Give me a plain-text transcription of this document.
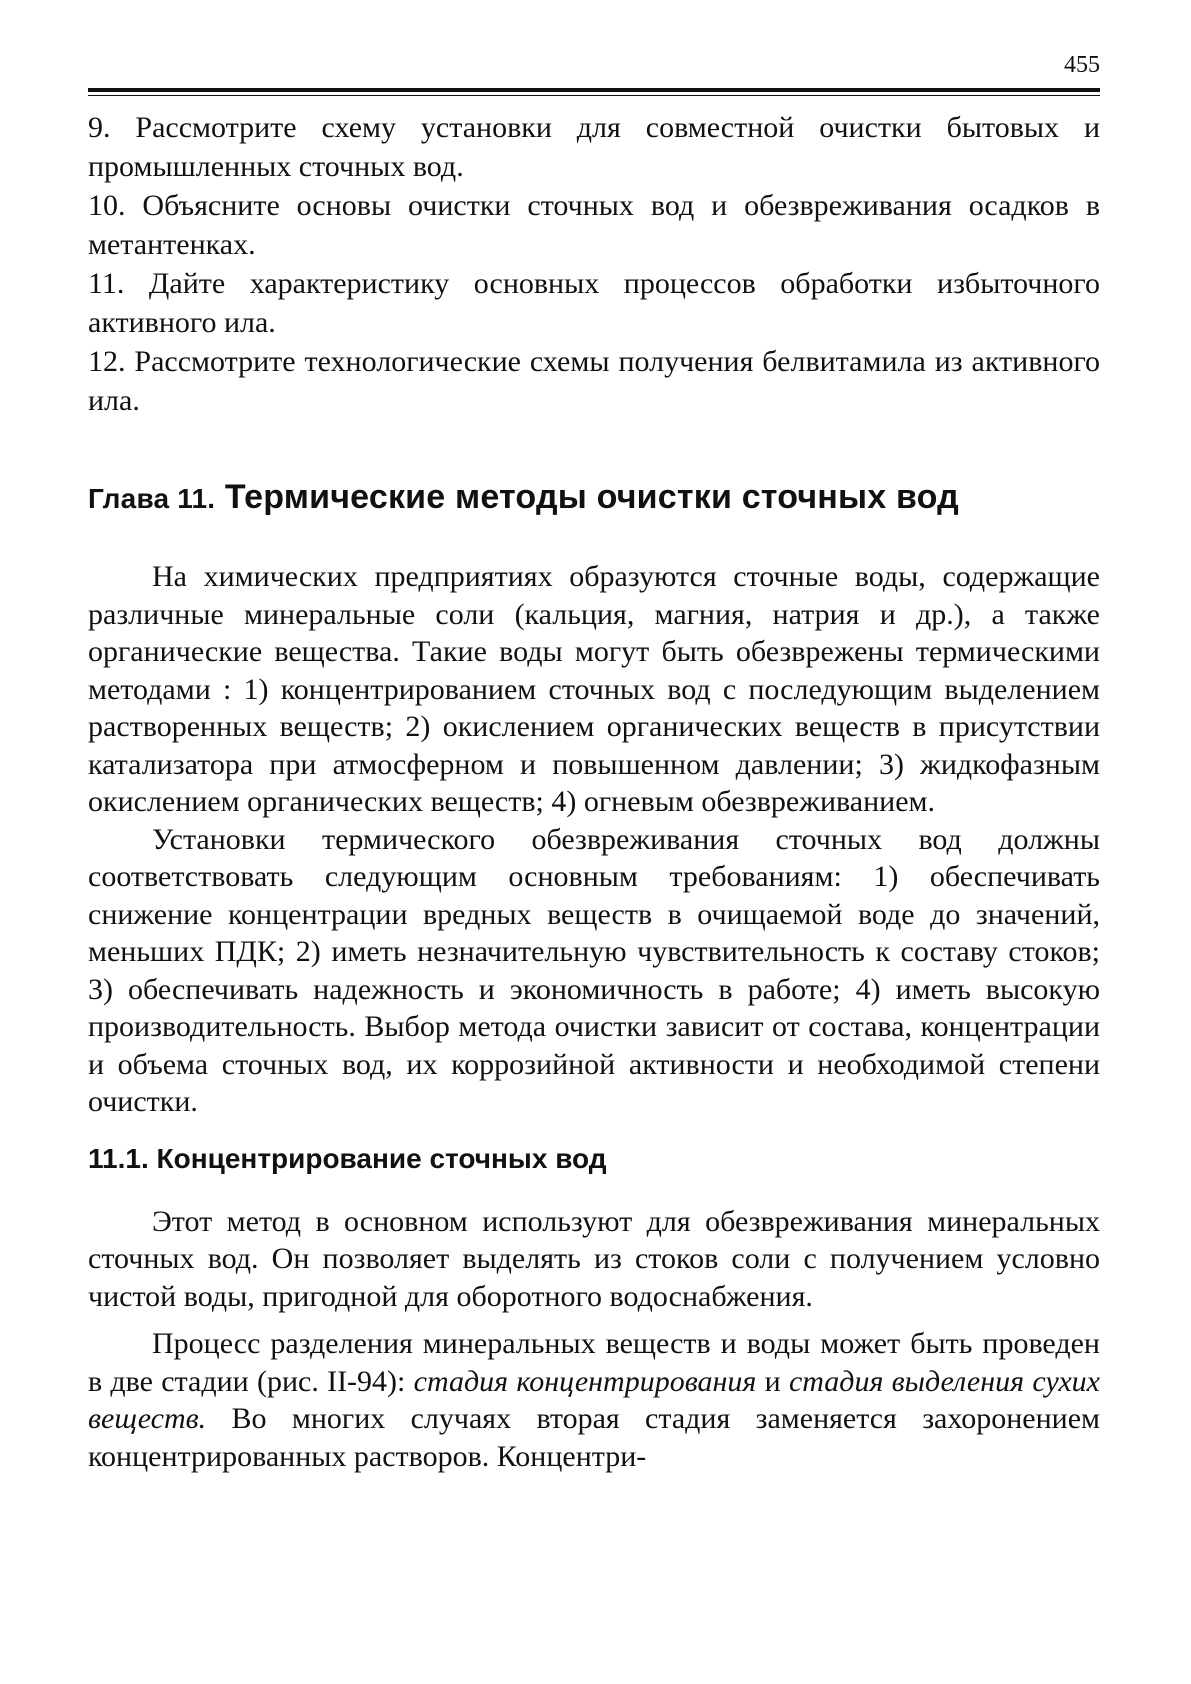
455

9. Рассмотрите схему установки для совместной очистки бытовых и промышленных сточных вод.

10. Объясните основы очистки сточных вод и обезвреживания осадков в метантенках.

11. Дайте характеристику основных процессов обработки избыточного активного ила.

12. Рассмотрите технологические схемы получения белвитамила из активного ила.

Глава 11. Термические методы очистки сточных вод

На химических предприятиях образуются сточные воды, содержащие различные минеральные соли (кальция, магния, натрия и др.), а также органические вещества. Такие воды могут быть обезврежены термическими методами : 1) концентрированием сточных вод с последующим выделением растворенных веществ; 2) окислением органических веществ в присутствии катализатора при атмосферном и повышенном давлении; 3) жидкофазным окислением органических веществ; 4) огневым обезвреживанием.

Установки термического обезвреживания сточных вод должны соответствовать следующим основным требованиям: 1) обеспечивать снижение концентрации вредных веществ в очищаемой воде до значений, меньших ПДК; 2) иметь незначительную чувствительность к составу стоков; 3) обеспечивать надежность и экономичность в работе; 4) иметь высокую производительность. Выбор метода очистки зависит от состава, концентрации и объема сточных вод, их коррозийной активности и необходимой степени очистки.

11.1. Концентрирование сточных вод

Этот метод в основном используют для обезвреживания минеральных сточных вод. Он позволяет выделять из стоков соли с получением условно чистой воды, пригодной для оборотного водоснабжения.

Процесс разделения минеральных веществ и воды может быть проведен в две стадии (рис. II-94): стадия концентрирования и стадия выделения сухих веществ. Во многих случаях вторая стадия заменяется захоронением концентрированных растворов. Концентри-
